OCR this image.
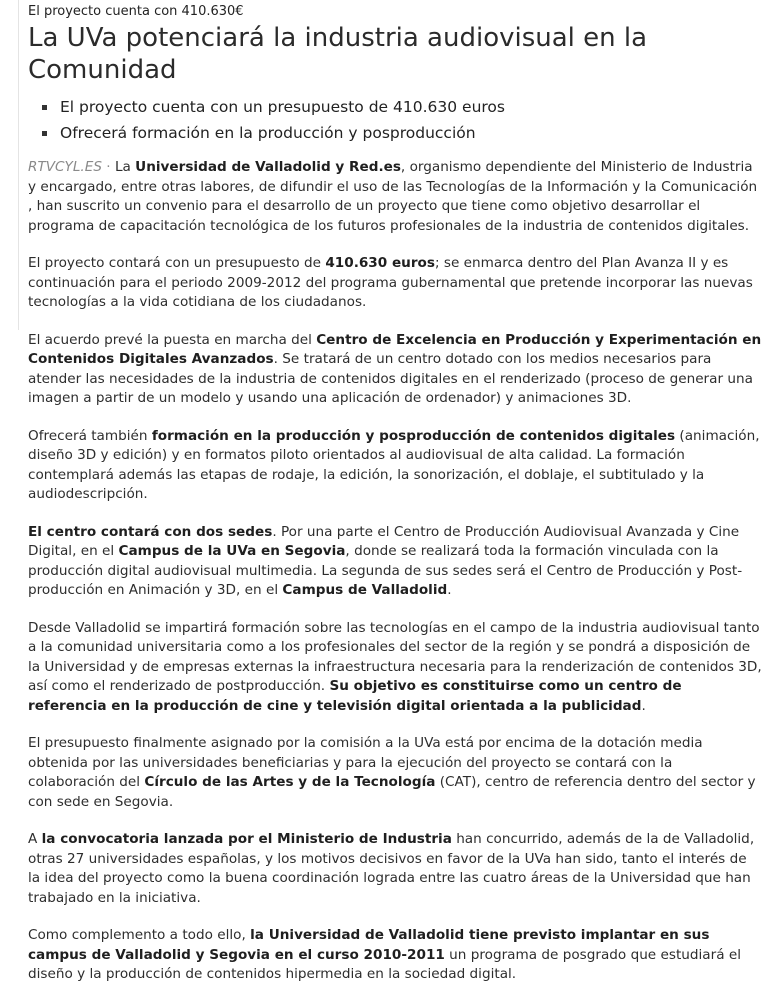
El proyecto cuenta con 410.630€
La UVa potenciará la industria audiovisual en la Comunidad
El proyecto cuenta con un presupuesto de 410.630 euros
Ofrecerá formación en la producción y posproducción

RTVCYL.ES · La Universidad de Valladolid y Red.es, organismo dependiente del Ministerio de Industria y encargado, entre otras labores, de difundir el uso de las Tecnologías de la Información y la Comunicación , han suscrito un convenio para el desarrollo de un proyecto que tiene como objetivo desarrollar el programa de capacitación tecnológica de los futuros profesionales de la industria de contenidos digitales.

El proyecto contará con un presupuesto de 410.630 euros; se enmarca dentro del Plan Avanza II y es continuación para el periodo 2009-2012 del programa gubernamental que pretende incorporar las nuevas tecnologías a la vida cotidiana de los ciudadanos.

El acuerdo prevé la puesta en marcha del Centro de Excelencia en Producción y Experimentación en Contenidos Digitales Avanzados. Se tratará de un centro dotado con los medios necesarios para atender las necesidades de la industria de contenidos digitales en el renderizado (proceso de generar una imagen a partir de un modelo y usando una aplicación de ordenador) y animaciones 3D.

Ofrecerá también formación en la producción y posproducción de contenidos digitales (animación, diseño 3D y edición) y en formatos piloto orientados al audiovisual de alta calidad. La formación contemplará además las etapas de rodaje, la edición, la sonorización, el doblaje, el subtitulado y la audiodescripción.

El centro contará con dos sedes. Por una parte el Centro de Producción Audiovisual Avanzada y Cine Digital, en el Campus de la UVa en Segovia, donde se realizará toda la formación vinculada con la producción digital audiovisual multimedia. La segunda de sus sedes será el Centro de Producción y Post-producción en Animación y 3D, en el Campus de Valladolid.

Desde Valladolid se impartirá formación sobre las tecnologías en el campo de la industria audiovisual tanto a la comunidad universitaria como a los profesionales del sector de la región y se pondrá a disposición de la Universidad y de empresas externas la infraestructura necesaria para la renderización de contenidos 3D, así como el renderizado de postproducción. Su objetivo es constituirse como un centro de referencia en la producción de cine y televisión digital orientada a la publicidad.

El presupuesto finalmente asignado por la comisión a la UVa está por encima de la dotación media obtenida por las universidades beneficiarias y para la ejecución del proyecto se contará con la colaboración del Círculo de las Artes y de la Tecnología (CAT), centro de referencia dentro del sector y con sede en Segovia.

A la convocatoria lanzada por el Ministerio de Industria han concurrido, además de la de Valladolid, otras 27 universidades españolas, y los motivos decisivos en favor de la UVa han sido, tanto el interés de la idea del proyecto como la buena coordinación lograda entre las cuatro áreas de la Universidad que han trabajado en la iniciativa.

Como complemento a todo ello, la Universidad de Valladolid tiene previsto implantar en sus campus de Valladolid y Segovia en el curso 2010-2011 un programa de posgrado que estudiará el diseño y la producción de contenidos hipermedia en la sociedad digital.
